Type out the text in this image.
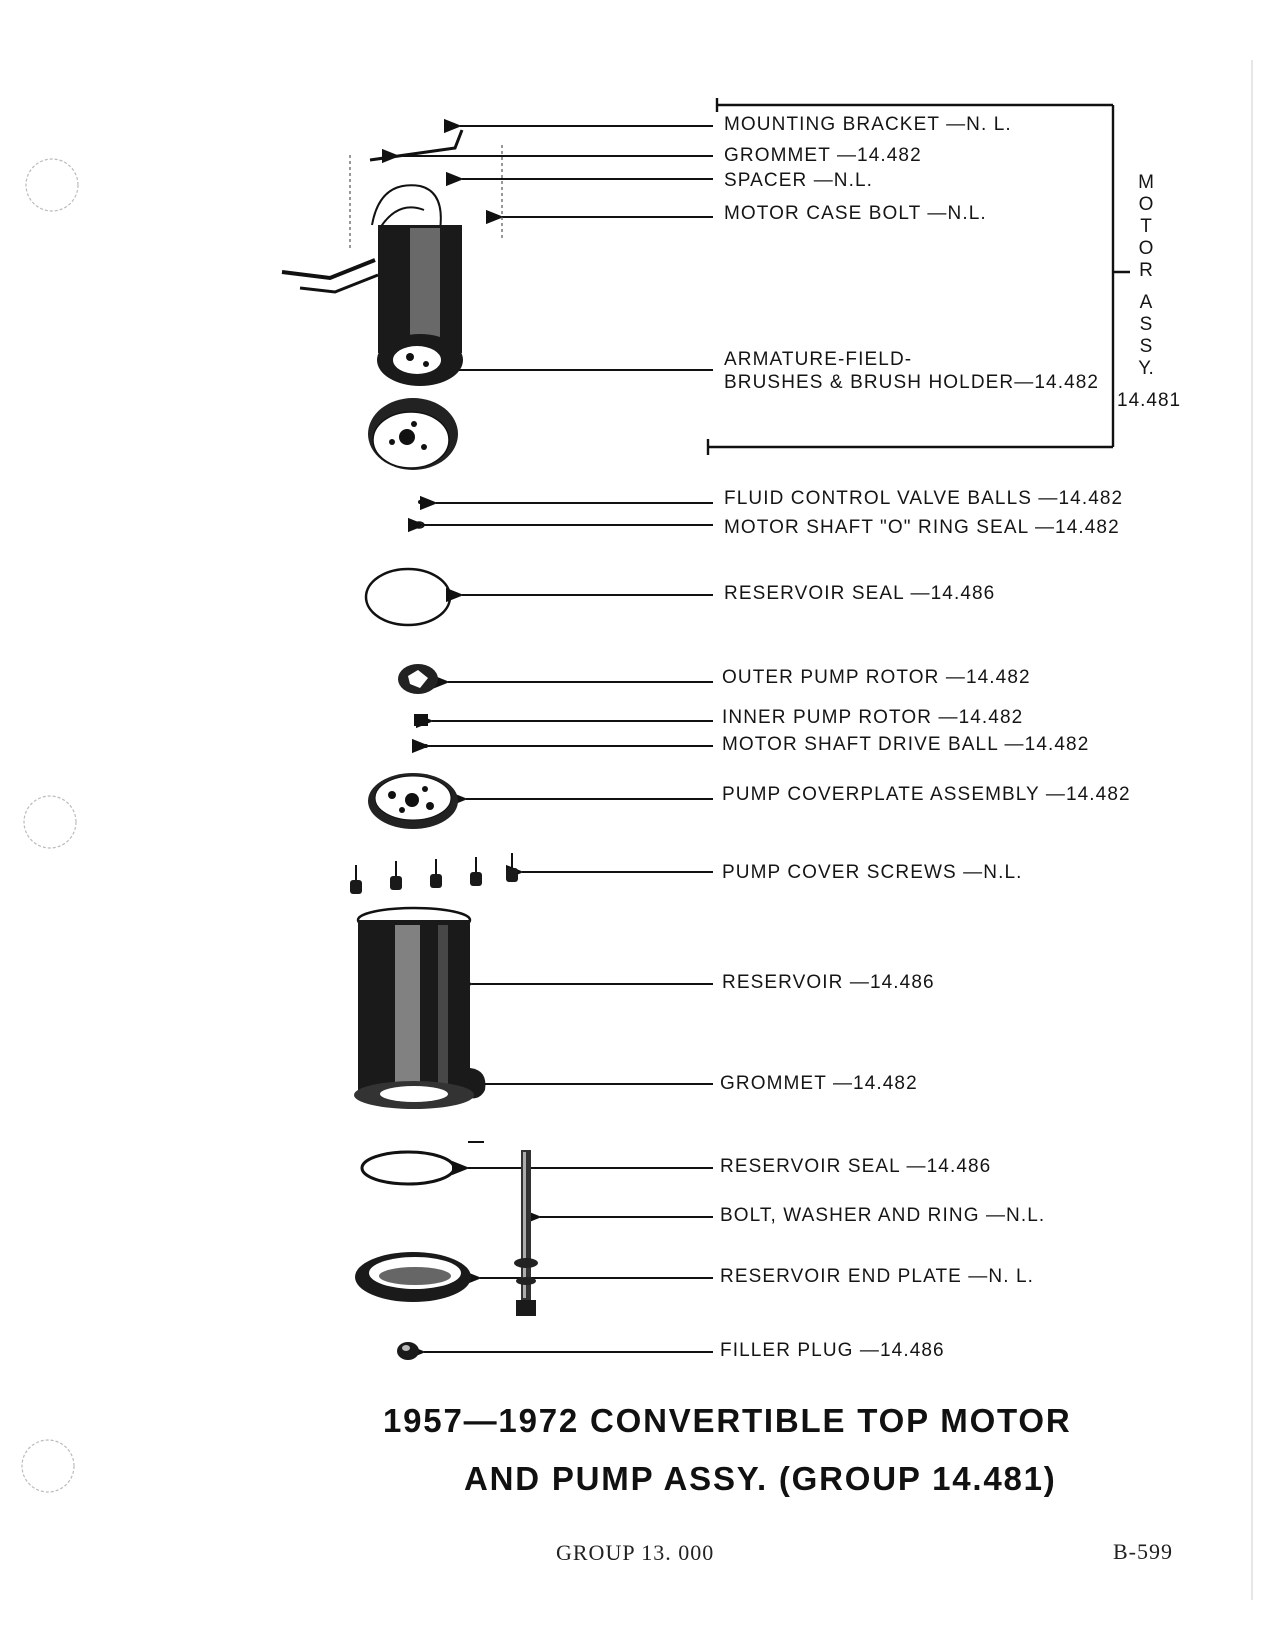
MOUNTING BRACKET —N. L.
GROMMET —14.482
SPACER —N.L.
MOTOR CASE BOLT —N.L.
ARMATURE-FIELD-
BRUSHES & BRUSH HOLDER—14.482
FLUID CONTROL VALVE BALLS —14.482
MOTOR SHAFT "O" RING SEAL —14.482
RESERVOIR SEAL —14.486
OUTER PUMP ROTOR —14.482
INNER PUMP ROTOR —14.482
MOTOR SHAFT DRIVE BALL —14.482
PUMP COVERPLATE ASSEMBLY —14.482
PUMP COVER SCREWS —N.L.
RESERVOIR —14.486
GROMMET —14.482
RESERVOIR SEAL —14.486
BOLT, WASHER AND RING —N.L.
RESERVOIR END PLATE —N. L.
FILLER PLUG —14.486
M
O
T
O
R
A
S
S
Y.
14.481
1957—1972 CONVERTIBLE TOP MOTOR
AND PUMP ASSY. (GROUP 14.481)
GROUP 13. 000	B-599
